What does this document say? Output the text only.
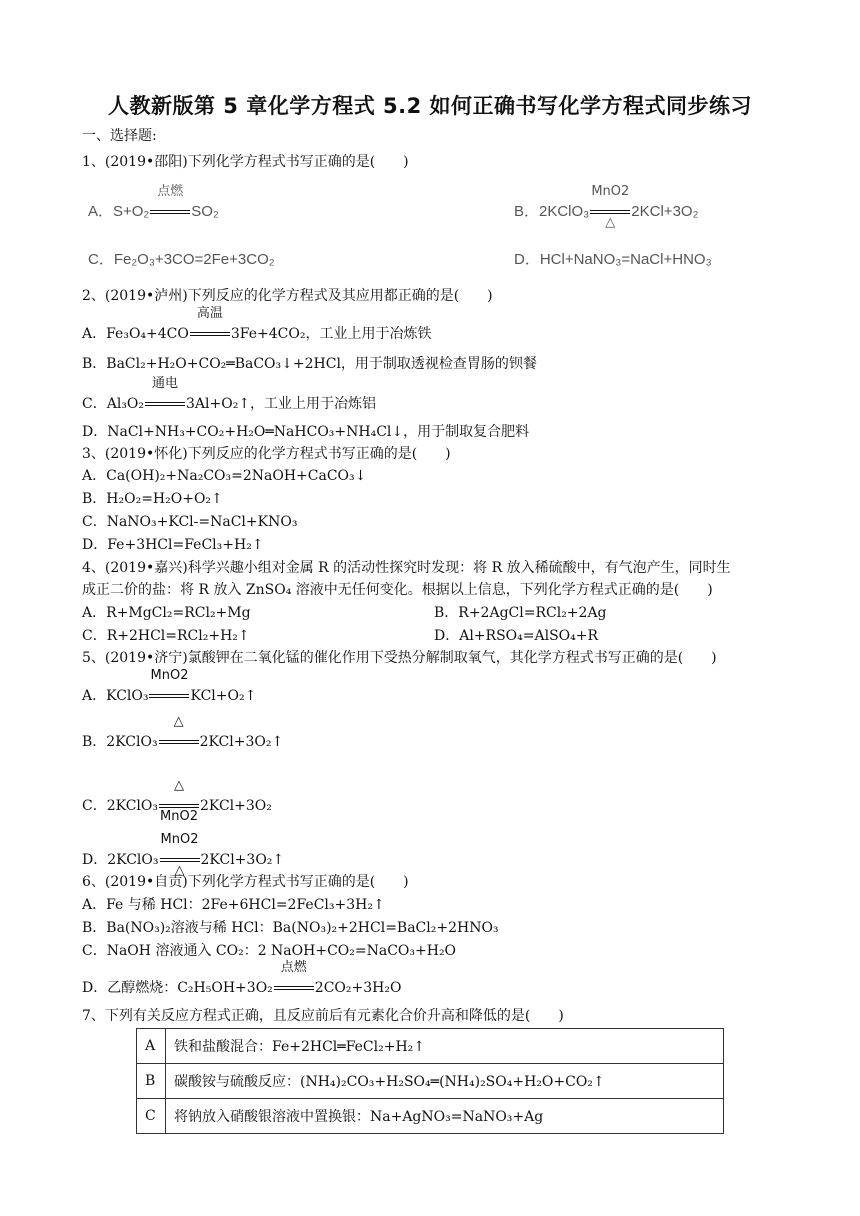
人教新版第 5 章化学方程式 5.2 如何正确书写化学方程式同步练习
一、选择题:
1、(2019•邵阳)下列化学方程式书写正确的是(　　)
A．S+O₂
点燃
SO₂	B．2KClO₃
MnO2
△
2KCl+3O₂
C．Fe₂O₃+3CO=2Fe+3CO₂	D．HCl+NaNO₃=NaCl+HNO₃
2、(2019•泸州)下列反应的化学方程式及其应用都正确的是(　　)
A．Fe₃O₄+4CO
高温
3Fe+4CO₂，工业上用于冶炼铁
B．BaCl₂+H₂O+CO₂═BaCO₃↓+2HCl，用于制取透视检查胃肠的钡餐
C．Al₃O₂
通电
3Al+O₂↑，工业上用于冶炼铝
D．NaCl+NH₃+CO₂+H₂O═NaHCO₃+NH₄Cl↓，用于制取复合肥料
3、(2019•怀化)下列反应的化学方程式书写正确的是(　　)
A．Ca(OH)₂+Na₂CO₃=2NaOH+CaCO₃↓
B．H₂O₂=H₂O+O₂↑
C．NaNO₃+KCl-=NaCl+KNO₃
D．Fe+3HCl=FeCl₃+H₂↑
4、(2019•嘉兴)科学兴趣小组对金属 R 的活动性探究时发现：将 R 放入稀硫酸中，有气泡产生，同时生
成正二价的盐：将 R 放入 ZnSO₄ 溶液中无任何变化。根据以上信息，下列化学方程式正确的是(　　)
A．R+MgCl₂=RCl₂+Mg	B．R+2AgCl=RCl₂+2Ag
C．R+2HCl=RCl₂+H₂↑	D．Al+RSO₄=AlSO₄+R
5、(2019•济宁)氯酸钾在二氧化锰的催化作用下受热分解制取氧气，其化学方程式书写正确的是(　　)
A．KClO₃
MnO2
KCl+O₂↑
B．2KClO₃
△
2KCl+3O₂↑
C．2KClO₃
△
MnO2
2KCl+3O₂
D．2KClO₃
MnO2
△
2KCl+3O₂↑
6、(2019•自贡)下列化学方程式书写正确的是(　　)
A．Fe 与稀 HCl：2Fe+6HCl=2FeCl₃+3H₂↑
B．Ba(NO₃)₂溶液与稀 HCl：Ba(NO₃)₂+2HCl=BaCl₂+2HNO₃
C．NaOH 溶液通入 CO₂：2 NaOH+CO₂=NaCO₃+H₂O
D．乙醇燃烧：C₂H₅OH+3O₂
点燃
2CO₂+3H₂O
7、下列有关反应方程式正确，且反应前后有元素化合价升高和降低的是(　　)
A	铁和盐酸混合：Fe+2HCl═FeCl₂+H₂↑
B	碳酸铵与硫酸反应：(NH₄)₂CO₃+H₂SO₄═(NH₄)₂SO₄+H₂O+CO₂↑
C	将钠放入硝酸银溶液中置换银：Na+AgNO₃=NaNO₃+Ag
